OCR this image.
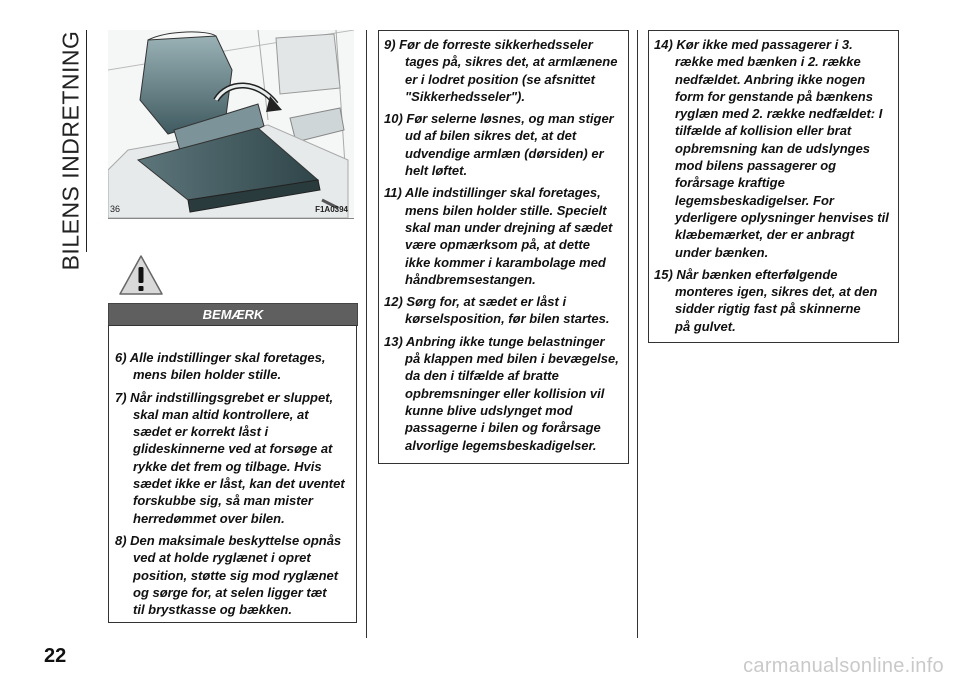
BILENS INDRETNING	36	F1A0394
BEMÆRK
6) Alle indstillinger skal foretages,
mens bilen holder stille.
7) Når indstillingsgrebet er sluppet,
skal man altid kontrollere, at
sædet er korrekt låst i
glideskinnerne ved at forsøge at
rykke det frem og tilbage. Hvis
sædet ikke er låst, kan det uventet
forskubbe sig, så man mister
herredømmet over bilen.
8) Den maksimale beskyttelse opnås
ved at holde ryglænet i opret
position, støtte sig mod ryglænet
og sørge for, at selen ligger tæt
til brystkasse og bækken.
9) Før de forreste sikkerhedsseler
tages på, sikres det, at armlænene
er i lodret position (se afsnittet
"Sikkerhedsseler").
10) Før selerne løsnes, og man stiger
ud af bilen sikres det, at det
udvendige armlæn (dørsiden) er
helt løftet.
11) Alle indstillinger skal foretages,
mens bilen holder stille. Specielt
skal man under drejning af sædet
være opmærksom på, at dette
ikke kommer i karambolage med
håndbremsestangen.
12) Sørg for, at sædet er låst i
kørselsposition, før bilen startes.
13) Anbring ikke tunge belastninger
på klappen med bilen i bevægelse,
da den i tilfælde af bratte
opbremsninger eller kollision vil
kunne blive udslynget mod
passagerne i bilen og forårsage
alvorlige legemsbeskadigelser.
14) Kør ikke med passagerer i 3.
række med bænken i 2. række
nedfældet. Anbring ikke nogen
form for genstande på bænkens
ryglæn med 2. række nedfældet: I
tilfælde af kollision eller brat
opbremsning kan de udslynges
mod bilens passagerer og
forårsage kraftige
legemsbeskadigelser. For
yderligere oplysninger henvises til
klæbemærket, der er anbragt
under bænken.
15) Når bænken efterfølgende
monteres igen, sikres det, at den
sidder rigtig fast på skinnerne
på gulvet.
22	carmanualsonline.info
